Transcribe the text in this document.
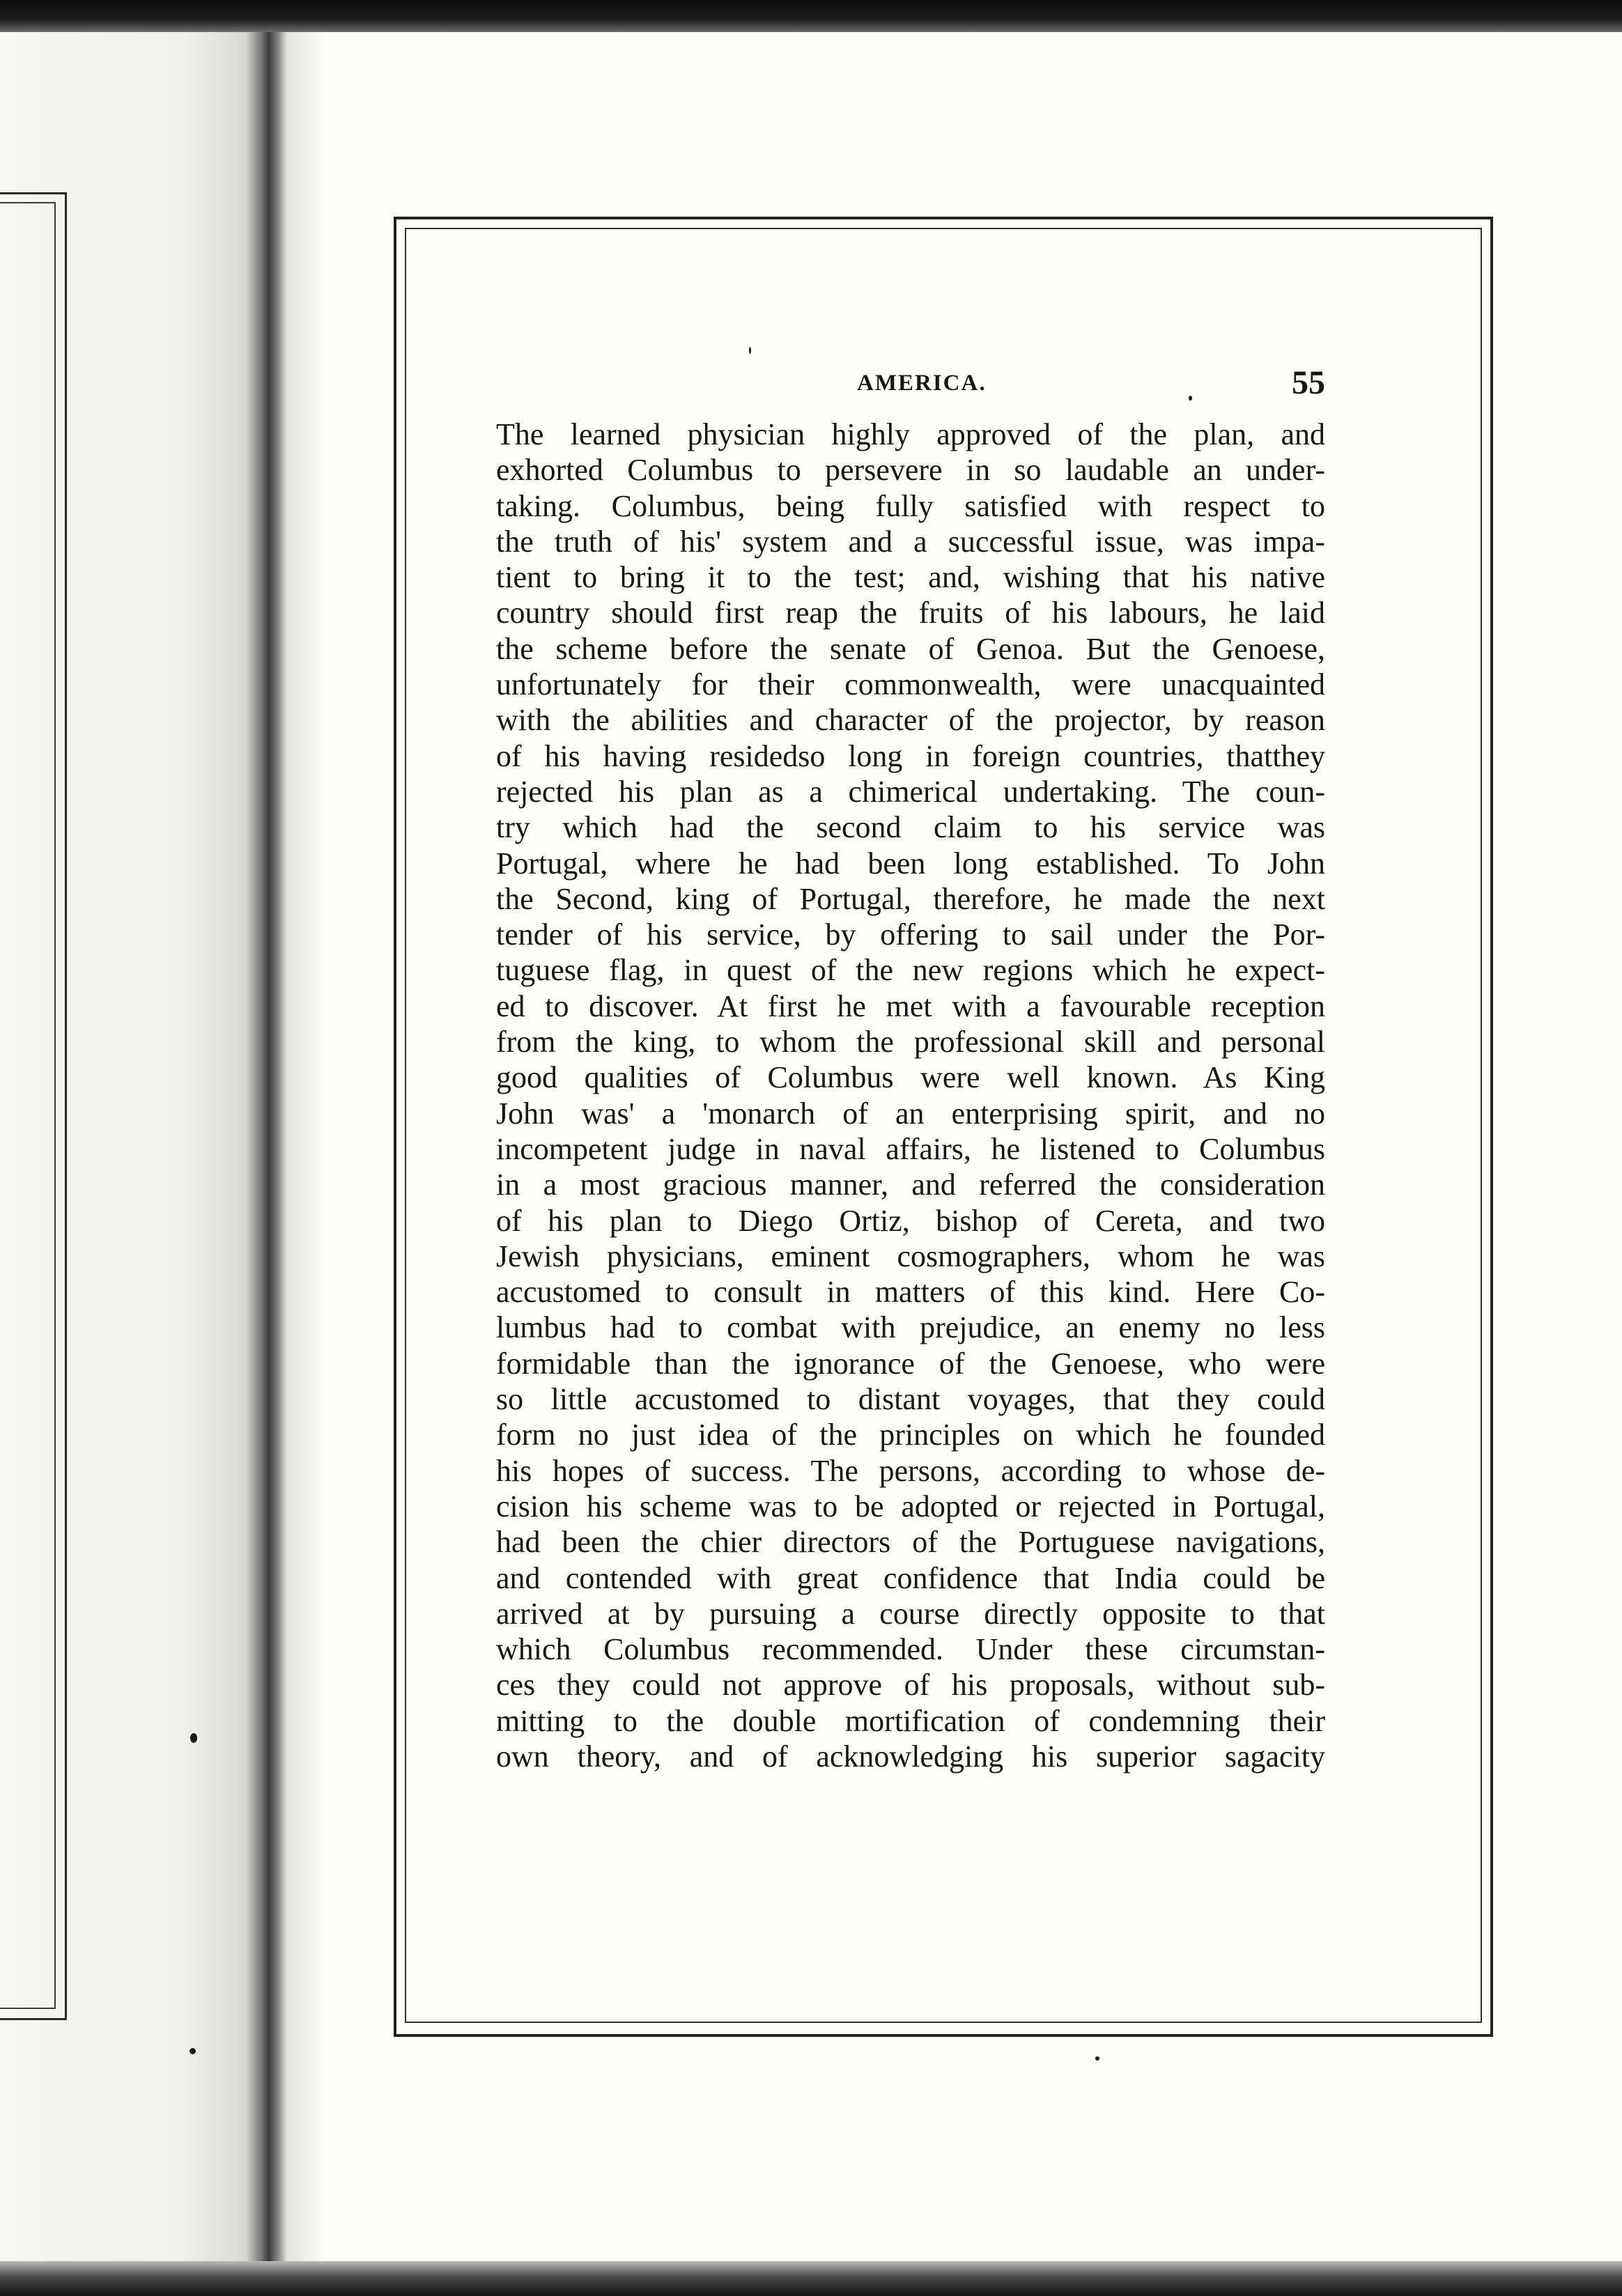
AMERICA.	55
The learned physician highly approved of the plan, and
exhorted Columbus to persevere in so laudable an under-
taking. Columbus, being fully satisfied with respect to
the truth of his' system and a successful issue, was impa-
tient to bring it to the test; and, wishing that his native
country should first reap the fruits of his labours, he laid
the scheme before the senate of Genoa. But the Genoese,
unfortunately for their commonwealth, were unacquainted
with the abilities and character of the projector, by reason
of his having residedso long in foreign countries, thatthey
rejected his plan as a chimerical undertaking. The coun-
try which had the second claim to his service was
Portugal, where he had been long established. To John
the Second, king of Portugal, therefore, he made the next
tender of his service, by offering to sail under the Por-
tuguese flag, in quest of the new regions which he expect-
ed to discover. At first he met with a favourable reception
from the king, to whom the professional skill and personal
good qualities of Columbus were well known. As King
John was' a 'monarch of an enterprising spirit, and no
incompetent judge in naval affairs, he listened to Columbus
in a most gracious manner, and referred the consideration
of his plan to Diego Ortiz, bishop of Cereta, and two
Jewish physicians, eminent cosmographers, whom he was
accustomed to consult in matters of this kind. Here Co-
lumbus had to combat with prejudice, an enemy no less
formidable than the ignorance of the Genoese, who were
so little accustomed to distant voyages, that they could
form no just idea of the principles on which he founded
his hopes of success. The persons, according to whose de-
cision his scheme was to be adopted or rejected in Portugal,
had been the chier directors of the Portuguese navigations,
and contended with great confidence that India could be
arrived at by pursuing a course directly opposite to that
which Columbus recommended. Under these circumstan-
ces they could not approve of his proposals, without sub-
mitting to the double mortification of condemning their
own theory, and of acknowledging his superior sagacity
